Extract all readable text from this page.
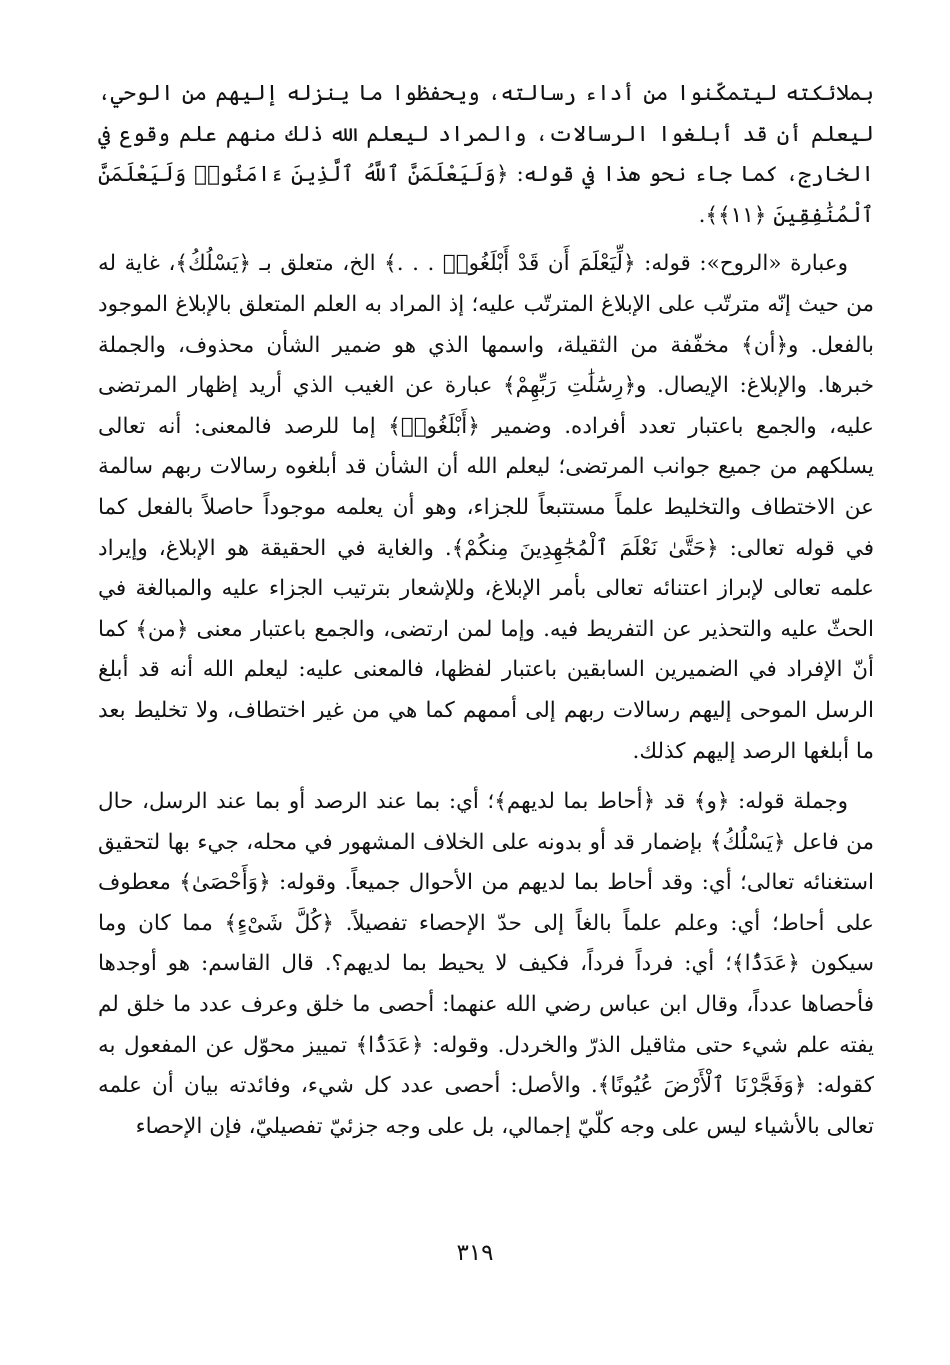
بملائكته ليتمكّنوا من أداء رسالته، ويحفظوا ما ينزله إليهم من الوحي، ليعلم أن قد أبلغوا الرسالات، والمراد ليعلم الله ذلك منهم علم وقوع في الخارج، كما جاء نحو هذا في قوله: ﴿وَلَيَعْلَمَنَّ ٱللَّهُ ٱلَّذِينَ ءَامَنُوا۟ وَلَيَعْلَمَنَّ ٱلْمُنَٰفِقِينَ ﴿١١﴾﴾.

وعبارة «الروح»: قوله: ﴿لِّيَعْلَمَ أَن قَدْ أَبْلَغُوا۟ . . .﴾ الخ، متعلق بـ ﴿يَسْلُكُ﴾، غاية له من حيث إنّه مترتّب على الإبلاغ المترتّب عليه؛ إذ المراد به العلم المتعلق بالإبلاغ الموجود بالفعل. و﴿أن﴾ مخفّفة من الثقيلة، واسمها الذي هو ضمير الشأن محذوف، والجملة خبرها. والإبلاغ: الإيصال. و﴿رِسَٰلَٰتِ رَبِّهِمْ﴾ عبارة عن الغيب الذي أريد إظهار المرتضى عليه، والجمع باعتبار تعدد أفراده. وضمير ﴿أَبْلَغُوا۟﴾ إما للرصد فالمعنى: أنه تعالى يسلكهم من جميع جوانب المرتضى؛ ليعلم الله أن الشأن قد أبلغوه رسالات ربهم سالمة عن الاختطاف والتخليط علماً مستتبعاً للجزاء، وهو أن يعلمه موجوداً حاصلاً بالفعل كما في قوله تعالى: ﴿حَتَّىٰ نَعْلَمَ ٱلْمُجَٰهِدِينَ مِنكُمْ﴾. والغاية في الحقيقة هو الإبلاغ، وإيراد علمه تعالى لإبراز اعتنائه تعالى بأمر الإبلاغ، وللإشعار بترتيب الجزاء عليه والمبالغة في الحثّ عليه والتحذير عن التفريط فيه. وإما لمن ارتضى، والجمع باعتبار معنى ﴿من﴾ كما أنّ الإفراد في الضميرين السابقين باعتبار لفظها، فالمعنى عليه: ليعلم الله أنه قد أبلغ الرسل الموحى إليهم رسالات ربهم إلى أممهم كما هي من غير اختطاف، ولا تخليط بعد ما أبلغها الرصد إليهم كذلك.

وجملة قوله: ﴿و﴾ قد ﴿أحاط بما لديهم﴾؛ أي: بما عند الرصد أو بما عند الرسل، حال من فاعل ﴿يَسْلُكُ﴾ بإضمار قد أو بدونه على الخلاف المشهور في محله، جيء بها لتحقيق استغنائه تعالى؛ أي: وقد أحاط بما لديهم من الأحوال جميعاً. وقوله: ﴿وَأَحْصَىٰ﴾ معطوف على أحاط؛ أي: وعلم علماً بالغاً إلى حدّ الإحصاء تفصيلاً. ﴿كُلَّ شَىْءٍ﴾ مما كان وما سيكون ﴿عَدَدًۢا﴾؛ أي: فرداً فرداً، فكيف لا يحيط بما لديهم؟. قال القاسم: هو أوجدها فأحصاها عدداً، وقال ابن عباس رضي الله عنهما: أحصى ما خلق وعرف عدد ما خلق لم يفته علم شيء حتى مثاقيل الذرّ والخردل. وقوله: ﴿عَدَدًۢا﴾ تمييز محوّل عن المفعول به كقوله: ﴿وَفَجَّرْنَا ٱلْأَرْضَ عُيُونًا﴾. والأصل: أحصى عدد كل شيء، وفائدته بيان أن علمه تعالى بالأشياء ليس على وجه كلّيّ إجمالي، بل على وجه جزئيّ تفصيليّ، فإن الإحصاء

٣١٩
